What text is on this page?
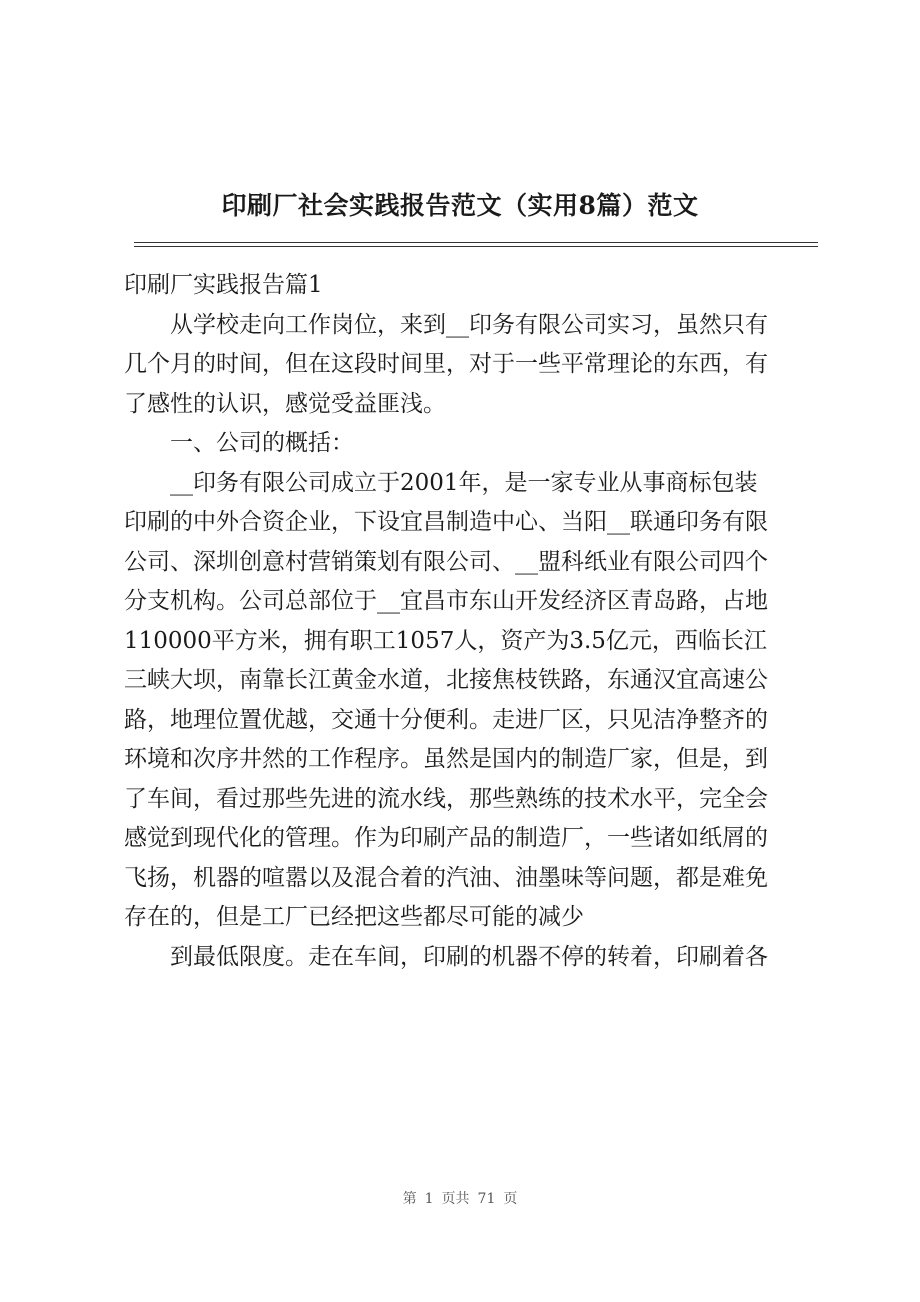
印刷厂社会实践报告范文（实用8篇）范文
印刷厂实践报告篇1
　　从学校走向工作岗位，来到__印务有限公司实习，虽然只有
几个月的时间，但在这段时间里，对于一些平常理论的东西，有
了感性的认识，感觉受益匪浅。
　　一、公司的概括：
　　__印务有限公司成立于2001年，是一家专业从事商标包装
印刷的中外合资企业，下设宜昌制造中心、当阳__联通印务有限
公司、深圳创意村营销策划有限公司、__盟科纸业有限公司四个
分支机构。公司总部位于__宜昌市东山开发经济区青岛路，占地
110000平方米，拥有职工1057人，资产为3.5亿元，西临长江
三峡大坝，南靠长江黄金水道，北接焦枝铁路，东通汉宜高速公
路，地理位置优越，交通十分便利。走进厂区，只见洁净整齐的
环境和次序井然的工作程序。虽然是国内的制造厂家，但是，到
了车间，看过那些先进的流水线，那些熟练的技术水平，完全会
感觉到现代化的管理。作为印刷产品的制造厂，一些诸如纸屑的
飞扬，机器的喧嚣以及混合着的汽油、油墨味等问题，都是难免
存在的，但是工厂已经把这些都尽可能的减少
　　到最低限度。走在车间，印刷的机器不停的转着，印刷着各
第 1 页共 71 页
